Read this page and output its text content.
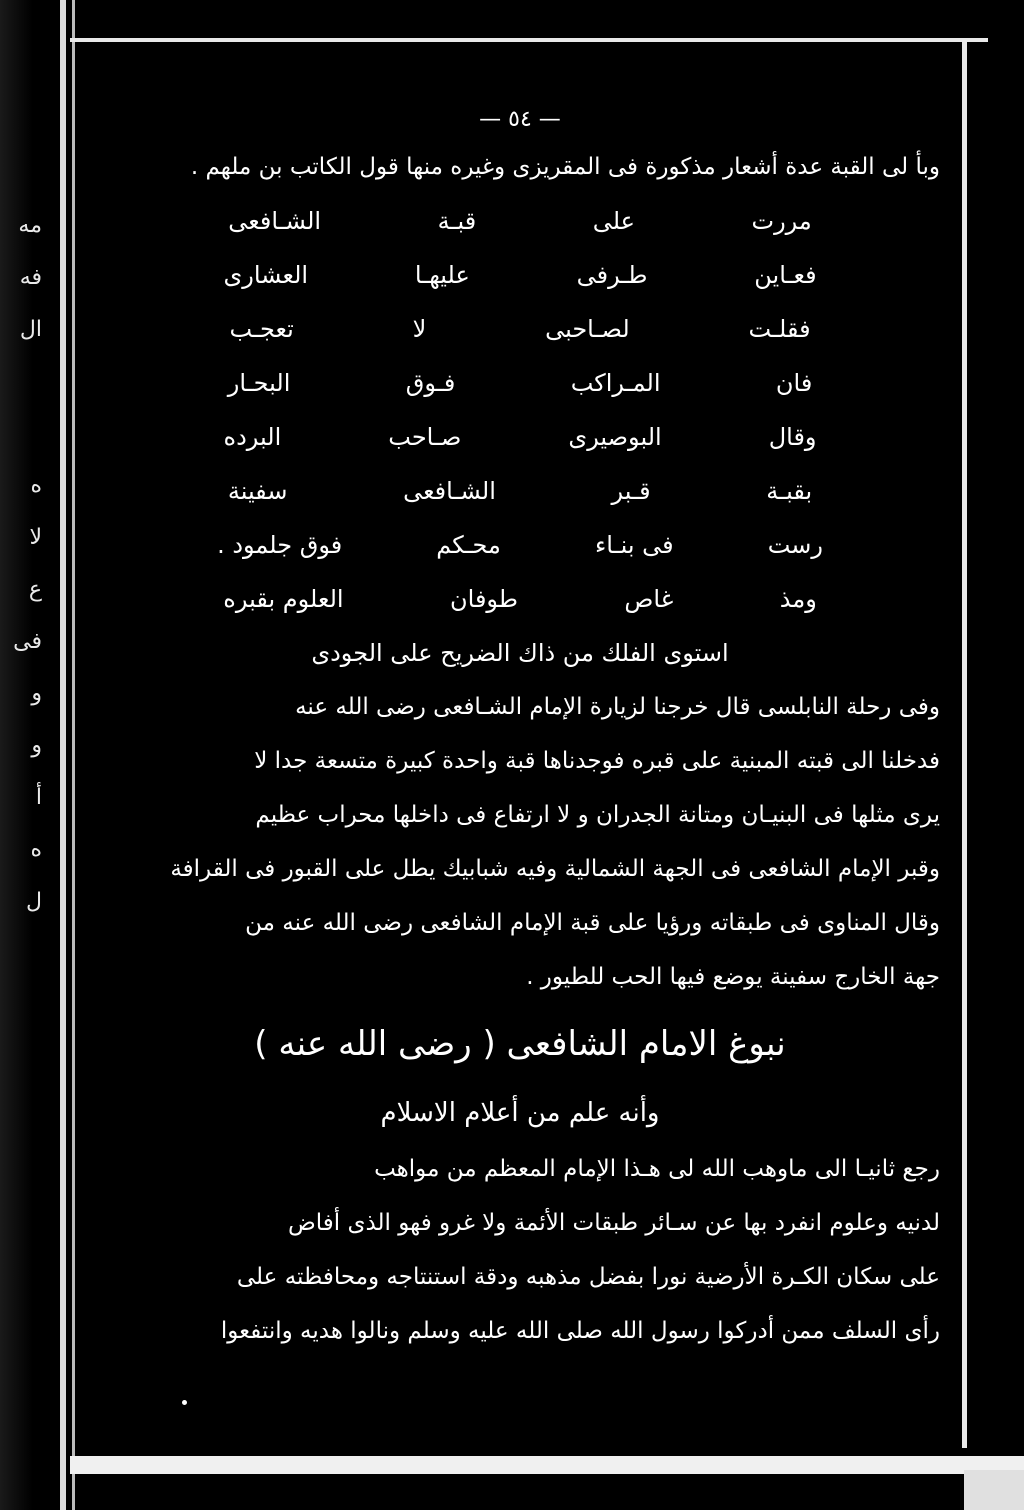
مه
فه
ال
ه
لا
ع
فى
و
و
أ
ه
ل
— ٥٤ —
وبأ لى القبة عدة أشعار مذكورة فى المقريزى وغيره منها قول الكاتب بن ملهم .
مررت
على
قبـة
الشـافعى
فعـاين
طـرفى
عليهـا
العشارى
فقلـت
لصـاحبى
لا
تعجـب
فان
المـراكب
فـوق
البحـار
وقال
البوصيرى
صـاحب
البرده
بقبـة
قـبر
الشـافعى
سفينة
رست
فى بنـاء
محـكم
فوق جلمود .
ومذ
غاص
طوفان
العلوم بقبره
استوى الفلك من ذاك الضريح على الجودى
وفى رحلة النابلسى قال خرجنا لزيارة الإمام الشـافعى رضى الله عنه
فدخلنا الى قبته المبنية على قبره فوجدناها قبة واحدة كبيرة متسعة جدا لا
يرى مثلها فى البنيـان ومتانة الجدران و لا ارتفاع فى داخلها محراب عظيم
وقبر الإمام الشافعى فى الجهة الشمالية وفيه شبابيك يطل على القبور فى القرافة
وقال المناوى فى طبقاته ورؤيا على قبة الإمام الشافعى رضى الله عنه من
جهة الخارج سفينة يوضع فيها الحب للطيور .
نبوغ الامام الشافعى ( رضى الله عنه )
وأنه علم من أعلام الاسلام
رجع ثانيـا الى ماوهب الله لى هـذا الإمام المعظم من مواهب
لدنيه وعلوم انفرد بها عن سـائر طبقات الأئمة ولا غرو فهو الذى أفاض
على سكان الكـرة الأرضية نورا بفضل مذهبه ودقة استنتاجه ومحافظته على
رأى السلف ممن أدركوا رسول الله صلى الله عليه وسلم ونالوا هديه وانتفعوا
